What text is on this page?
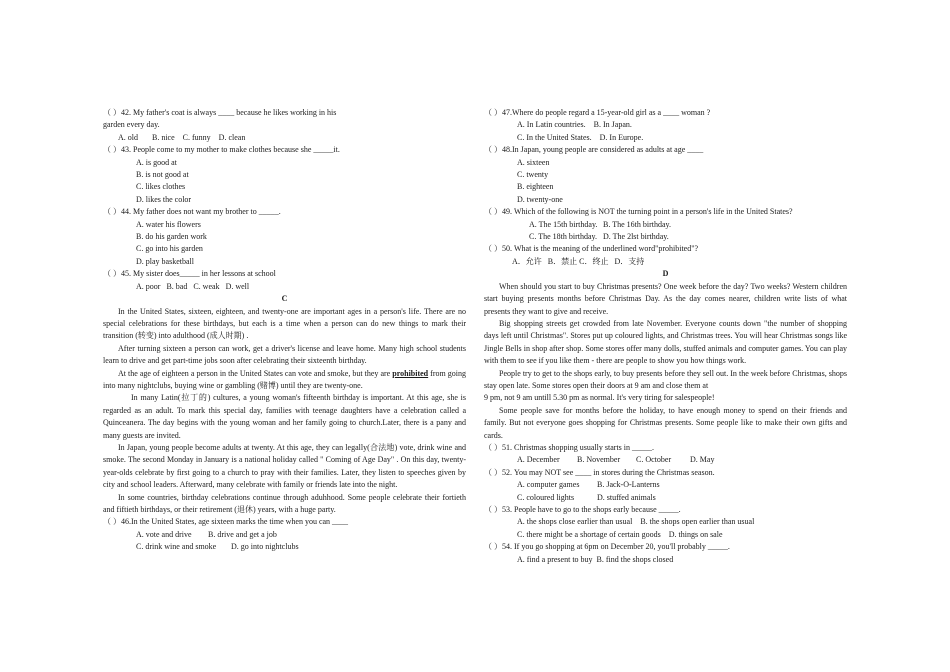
（ ）42. My father's coat is always ____ because he likes working in his
garden every day.
A. old B. nice C. funny D. clean
（ ）43. People come to my mother to make clothes because she _____it.
A. is good at
B. is not good at
C. likes clothes
D. likes the color
（ ）44. My father does not want my brother to _____.
A. water his flowers
B. do his garden work
C. go into his garden
D. play basketball
（ ）45. My sister does_____ in her lessons at school
A. poor B. bad C. weak D. well
C
In the United States, sixteen, eighteen, and twenty-one are important ages in a person's life. There are no special celebrations for these birthdays, but each is a time when a person can do new things to mark their transition (转变) into adulthood (成人时期) .
After turning sixteen a person can work, get a driver's license and leave home. Many high school students learn to drive and get part-time jobs soon after celebrating their sixteenth birthday.
At the age of eighteen a person in the United States can vote and smoke, but they are prohibited from going into many nightclubs, buying wine or gambling (赌博) until they are twenty-one.
In many Latin(拉丁的) cultures, a young woman's fifteenth birthday is important. At this age, she is regarded as an adult. To mark this special day, families with teenage daughters have a celebration called a Quinceanera. The day begins with the young woman and her family going to church.Later, there is a pany and many guests are invited.
In Japan, young people become adults at twenty. At this age, they can legally(合法地) vote, drink wine and smoke. The second Monday in January is a national holiday called " Coming of Age Day" . On this day, twenty-year-olds celebrate by first going to a church to pray with their families. Later, they listen to speeches given by city and school leaders. Afterward, many celebrate with family or friends late into the night.
In some countries, birthday celebrations continue through aduhhood. Some people celebrate their fortieth and fiftieth birthdays, or their retirement (退休) years, with a huge party.
（ ）46.In the United States, age sixteen marks the time when you can ____
A. vote and drive B. drive and get a job
C. drink wine and smoke D. go into nightclubs
（ ）47.Where do people regard a 15-year-old girl as a ____ woman ?
A. In Latin countries. B. In Japan.
C. In the United States. D. In Europe.
（ ）48.In Japan, young people are considered as adults at age ____
A. sixteen
C. twenty
B. eighteen
D. twenty-one
（ ）49. Which of the following is NOT the turning point in a person's life in the United States?
A. The 15th birthday. B. The 16th birthday.
C. The 18th birthday. D. The 2lst birthday.
（ ）50. What is the meaning of the underlined word"prohibited"?
A．允许 B．禁止 C．终止 D．支持
D
When should you start to buy Christmas presents? One week before the day? Two weeks? Western children start buying presents months before Christmas Day. As the day comes nearer, children write lists of what presents they want to give and receive.
Big shopping streets get crowded from late November. Everyone counts down "the number of shopping days left until Christmas". Stores put up coloured lights, and Christmas trees. You will hear Christmas songs like Jingle Bells in shop after shop. Some stores offer many dolls, stuffed animals and computer games. You can play with them to see if you like them - there are people to show you how things work.
People try to get to the shops early, to buy presents before they sell out. In the week before Christmas, shops stay open late. Some stores open their doors at 9 am and close them at
9 pm, not 9 am untill 5.30 pm as normal. It's very tiring for salespeople!
Some people save for months before the holiday, to have enough money to spend on their friends and family. But not everyone goes shopping for Christmas presents. Some people like to make their own gifts and cards.
（ ）51. Christmas shopping usually starts in _____.
A. December B. November C. October D. May
（ ）52. You may NOT see ____ in stores during the Christmas season.
A. computer games B. Jack-O-Lanterns
C. coloured lights	D. stuffed animals
（ ）53. People have to go to the shops early because _____.
A. the shops close earlier than usual B. the shops open earlier than usual
C. there might be a shortage of certain goods D. things on sale
（ ）54. If you go shopping at 6pm on December 20, you'll probably _____.
A. find a present to buy B. find the shops closed
